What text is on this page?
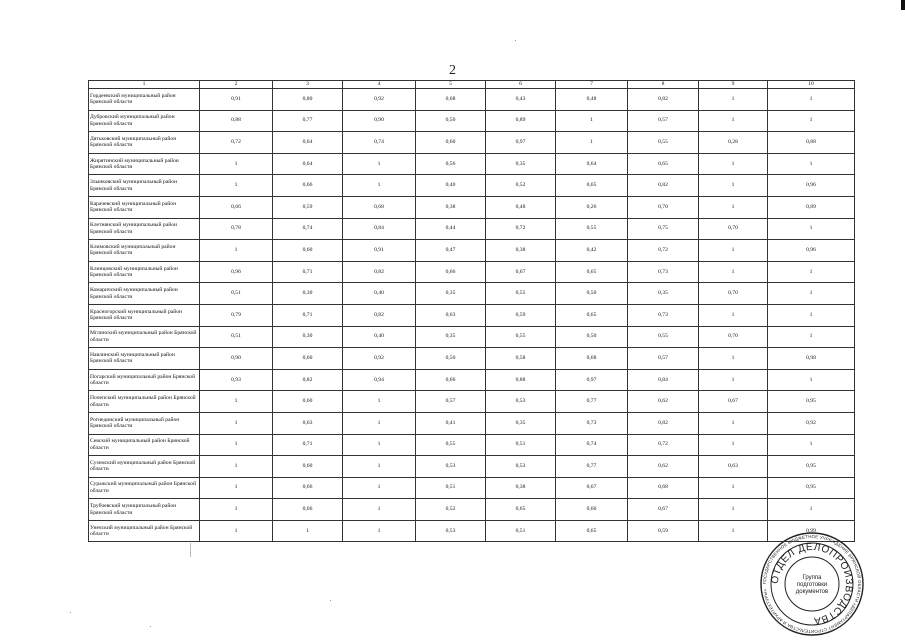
2
1	2	3	4	5	6	7	8	9	10
Гордеевский муниципальный район Брянской области	0,91	0,80	0,92	0,68	0,43	0,48	0,82	1	1
Дубровский муниципальный район Брянской области	0,88	0,77	0,90	0,50	0,89	1	0,57	1	1
Дятьковский муниципальный район Брянской области	0,72	0,64	0,74	0,60	0,97	1	0,55	0,28	0,88
Жирятинский муниципальный район Брянской области	1	0,64	1	0,56	0,35	0,64	0,65	1	1
Злынковский муниципальный район Брянской области	1	0,66	1	0,40	0,52	0,65	0,82	1	0,96
Карачевский муниципальный район Брянской области	0,66	0,59	0,68	0,38	0,48	0,26	0,70	1	0,89
Клетнянский муниципальный район Брянской области	0,78	0,74	0,84	0,44	0,72	0,55	0,75	0,70	1
Климовский муниципальный район Брянской области	1	0,60	0,91	0,47	0,38	0,42	0,72	1	0,96
Клинцовский муниципальный район Брянской области	0,96	0,71	0,82	0,66	0,67	0,65	0,73	1	1
Комаричский муниципальный район Брянской области	0,51	0,30	0,40	0,35	0,55	0,50	0,35	0,70	1
Красногорский муниципальный район Брянской области	0,79	0,71	0,82	0,63	0,59	0,65	0,73	1	1
Мглинский муниципальный район Брянской области	0,51	0,30	0,40	0,35	0,55	0,50	0,55	0,70	1
Навлинский муниципальный район Брянской области	0,90	0,60	0,92	0,50	0,58	0,68	0,57	1	0,98
Погарский муниципальный район Брянской области	0,93	0,82	0,94	0,66	0,88	0,97	0,84	1	1
Почепский муниципальный район Брянской области	1	0,60	1	0,57	0,53	0,77	0,62	0,67	0,95
Рогнединский муниципальный район Брянской области	1	0,63	1	0,41	0,35	0,73	0,82	1	0,92
Севский муниципальный район Брянской области	1	0,71	1	0,55	0,51	0,74	0,72	1	1
Суземский муниципальный район Брянской области	1	0,60	1	0,53	0,53	0,77	0,62	0,63	0,95
Суражский муниципальный район Брянской области	1	0,66	1	0,51	0,38	0,67	0,68	1	0,95
Трубчевский муниципальный район Брянской области	1	0,66	1	0,52	0,65	0,60	0,67	1	1
Унечский муниципальный район Брянской области	1	1	1	0,53	0,51	0,65	0,59	1	0,99
ГОСУДАРСТВЕННОЕ БЮДЖЕТНОЕ УЧРЕЖДЕНИЕ БРЯНСКОЙ ОБЛАСТИ «ДЕПАРТАМЕНТ СТРОИТЕЛЬСТВА И АРХИТЕКТУРЫ»
ОТДЕЛ ДЕЛОПРОИЗВОДСТВА
Группа
подготовки
документов
